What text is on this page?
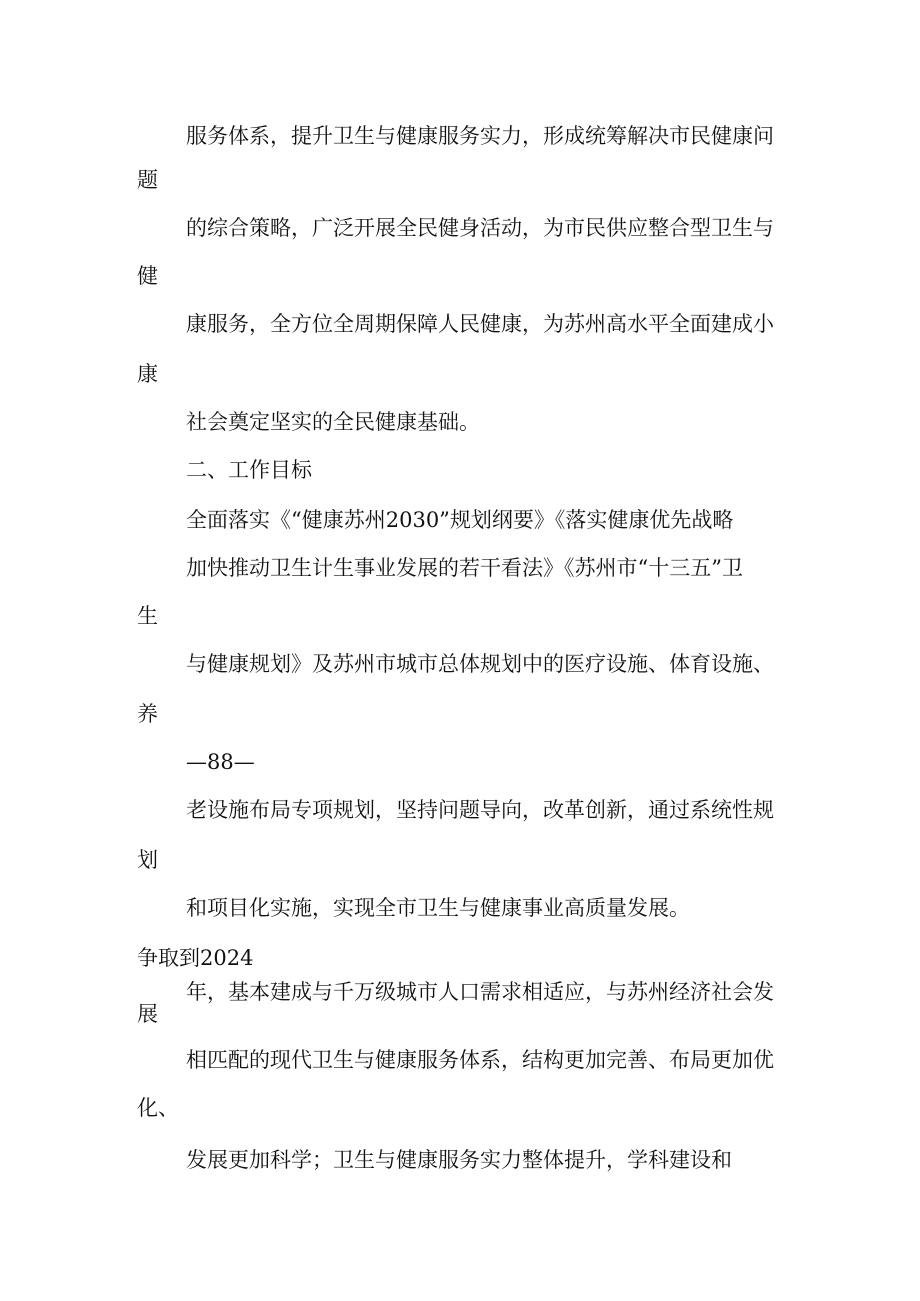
服务体系，提升卫生与健康服务实力，形成统筹解决市民健康问

题

的综合策略，广泛开展全民健身活动，为市民供应整合型卫生与

健

康服务，全方位全周期保障人民健康，为苏州高水平全面建成小

康

社会奠定坚实的全民健康基础。

二、工作目标

全面落实《“健康苏州2030”规划纲要》《落实健康优先战略

加快推动卫生计生事业发展的若干看法》《苏州市“十三五”卫

生

与健康规划》及苏州市城市总体规划中的医疗设施、体育设施、

养

—88—

老设施布局专项规划，坚持问题导向，改革创新，通过系统性规

划

和项目化实施，实现全市卫生与健康事业高质量发展。

争取到2024

年，基本建成与千万级城市人口需求相适应，与苏州经济社会发

展

相匹配的现代卫生与健康服务体系，结构更加完善、布局更加优

化、

发展更加科学；卫生与健康服务实力整体提升，学科建设和
